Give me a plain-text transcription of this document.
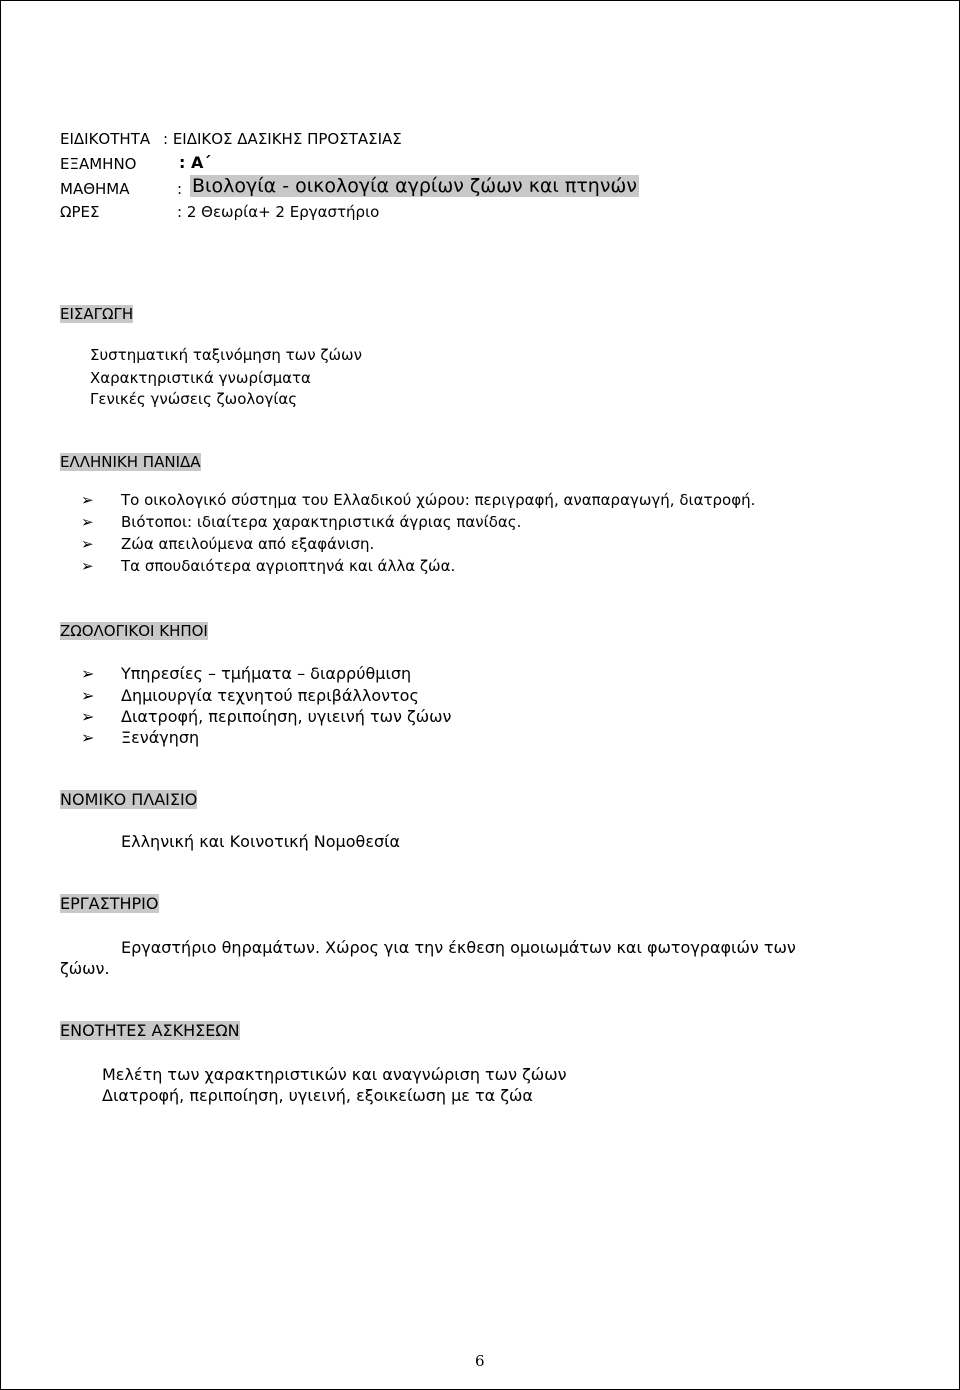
ΕΙΔΙΚΟΤΗΤΑ : ΕΙΔΙΚΟΣ ΔΑΣΙΚΗΣ ΠΡΟΣΤΑΣΙΑΣ
ΕΞΑΜΗΝΟ	: Α΄
ΜΑΘΗΜΑ	: Βιολογία - οικολογία αγρίων ζώων και πτηνών
ΩΡΕΣ	: 2 Θεωρία+ 2 Εργαστήριο
ΕΙΣΑΓΩΓΗ
Συστηματική ταξινόμηση των ζώων
Χαρακτηριστικά γνωρίσματα
Γενικές γνώσεις ζωολογίας
ΕΛΛΗΝΙΚΗ ΠΑΝΙΔΑ
➢ Το οικολογικό σύστημα του Ελλαδικού χώρου: περιγραφή, αναπαραγωγή, διατροφή.
➢ Βιότοποι: ιδιαίτερα χαρακτηριστικά άγριας πανίδας.
➢ Ζώα απειλούμενα από εξαφάνιση.
➢ Τα σπουδαιότερα αγριοπτηνά και άλλα ζώα.
ΖΩΟΛΟΓΙΚΟΙ ΚΗΠΟΙ
➢ Υπηρεσίες – τμήματα – διαρρύθμιση
➢ Δημιουργία τεχνητού περιβάλλοντος
➢ Διατροφή, περιποίηση, υγιεινή των ζώων
➢ Ξενάγηση
ΝΟΜΙΚΟ ΠΛΑΙΣΙΟ
Ελληνική και Κοινοτική Νομοθεσία
ΕΡΓΑΣΤΗΡΙΟ
Εργαστήριο θηραμάτων. Χώρος για την έκθεση ομοιωμάτων και φωτογραφιών των
ζώων.
ΕΝΟΤΗΤΕΣ ΑΣΚΗΣΕΩΝ
Μελέτη των χαρακτηριστικών και αναγνώριση των ζώων
Διατροφή, περιποίηση, υγιεινή, εξοικείωση με τα ζώα
6
